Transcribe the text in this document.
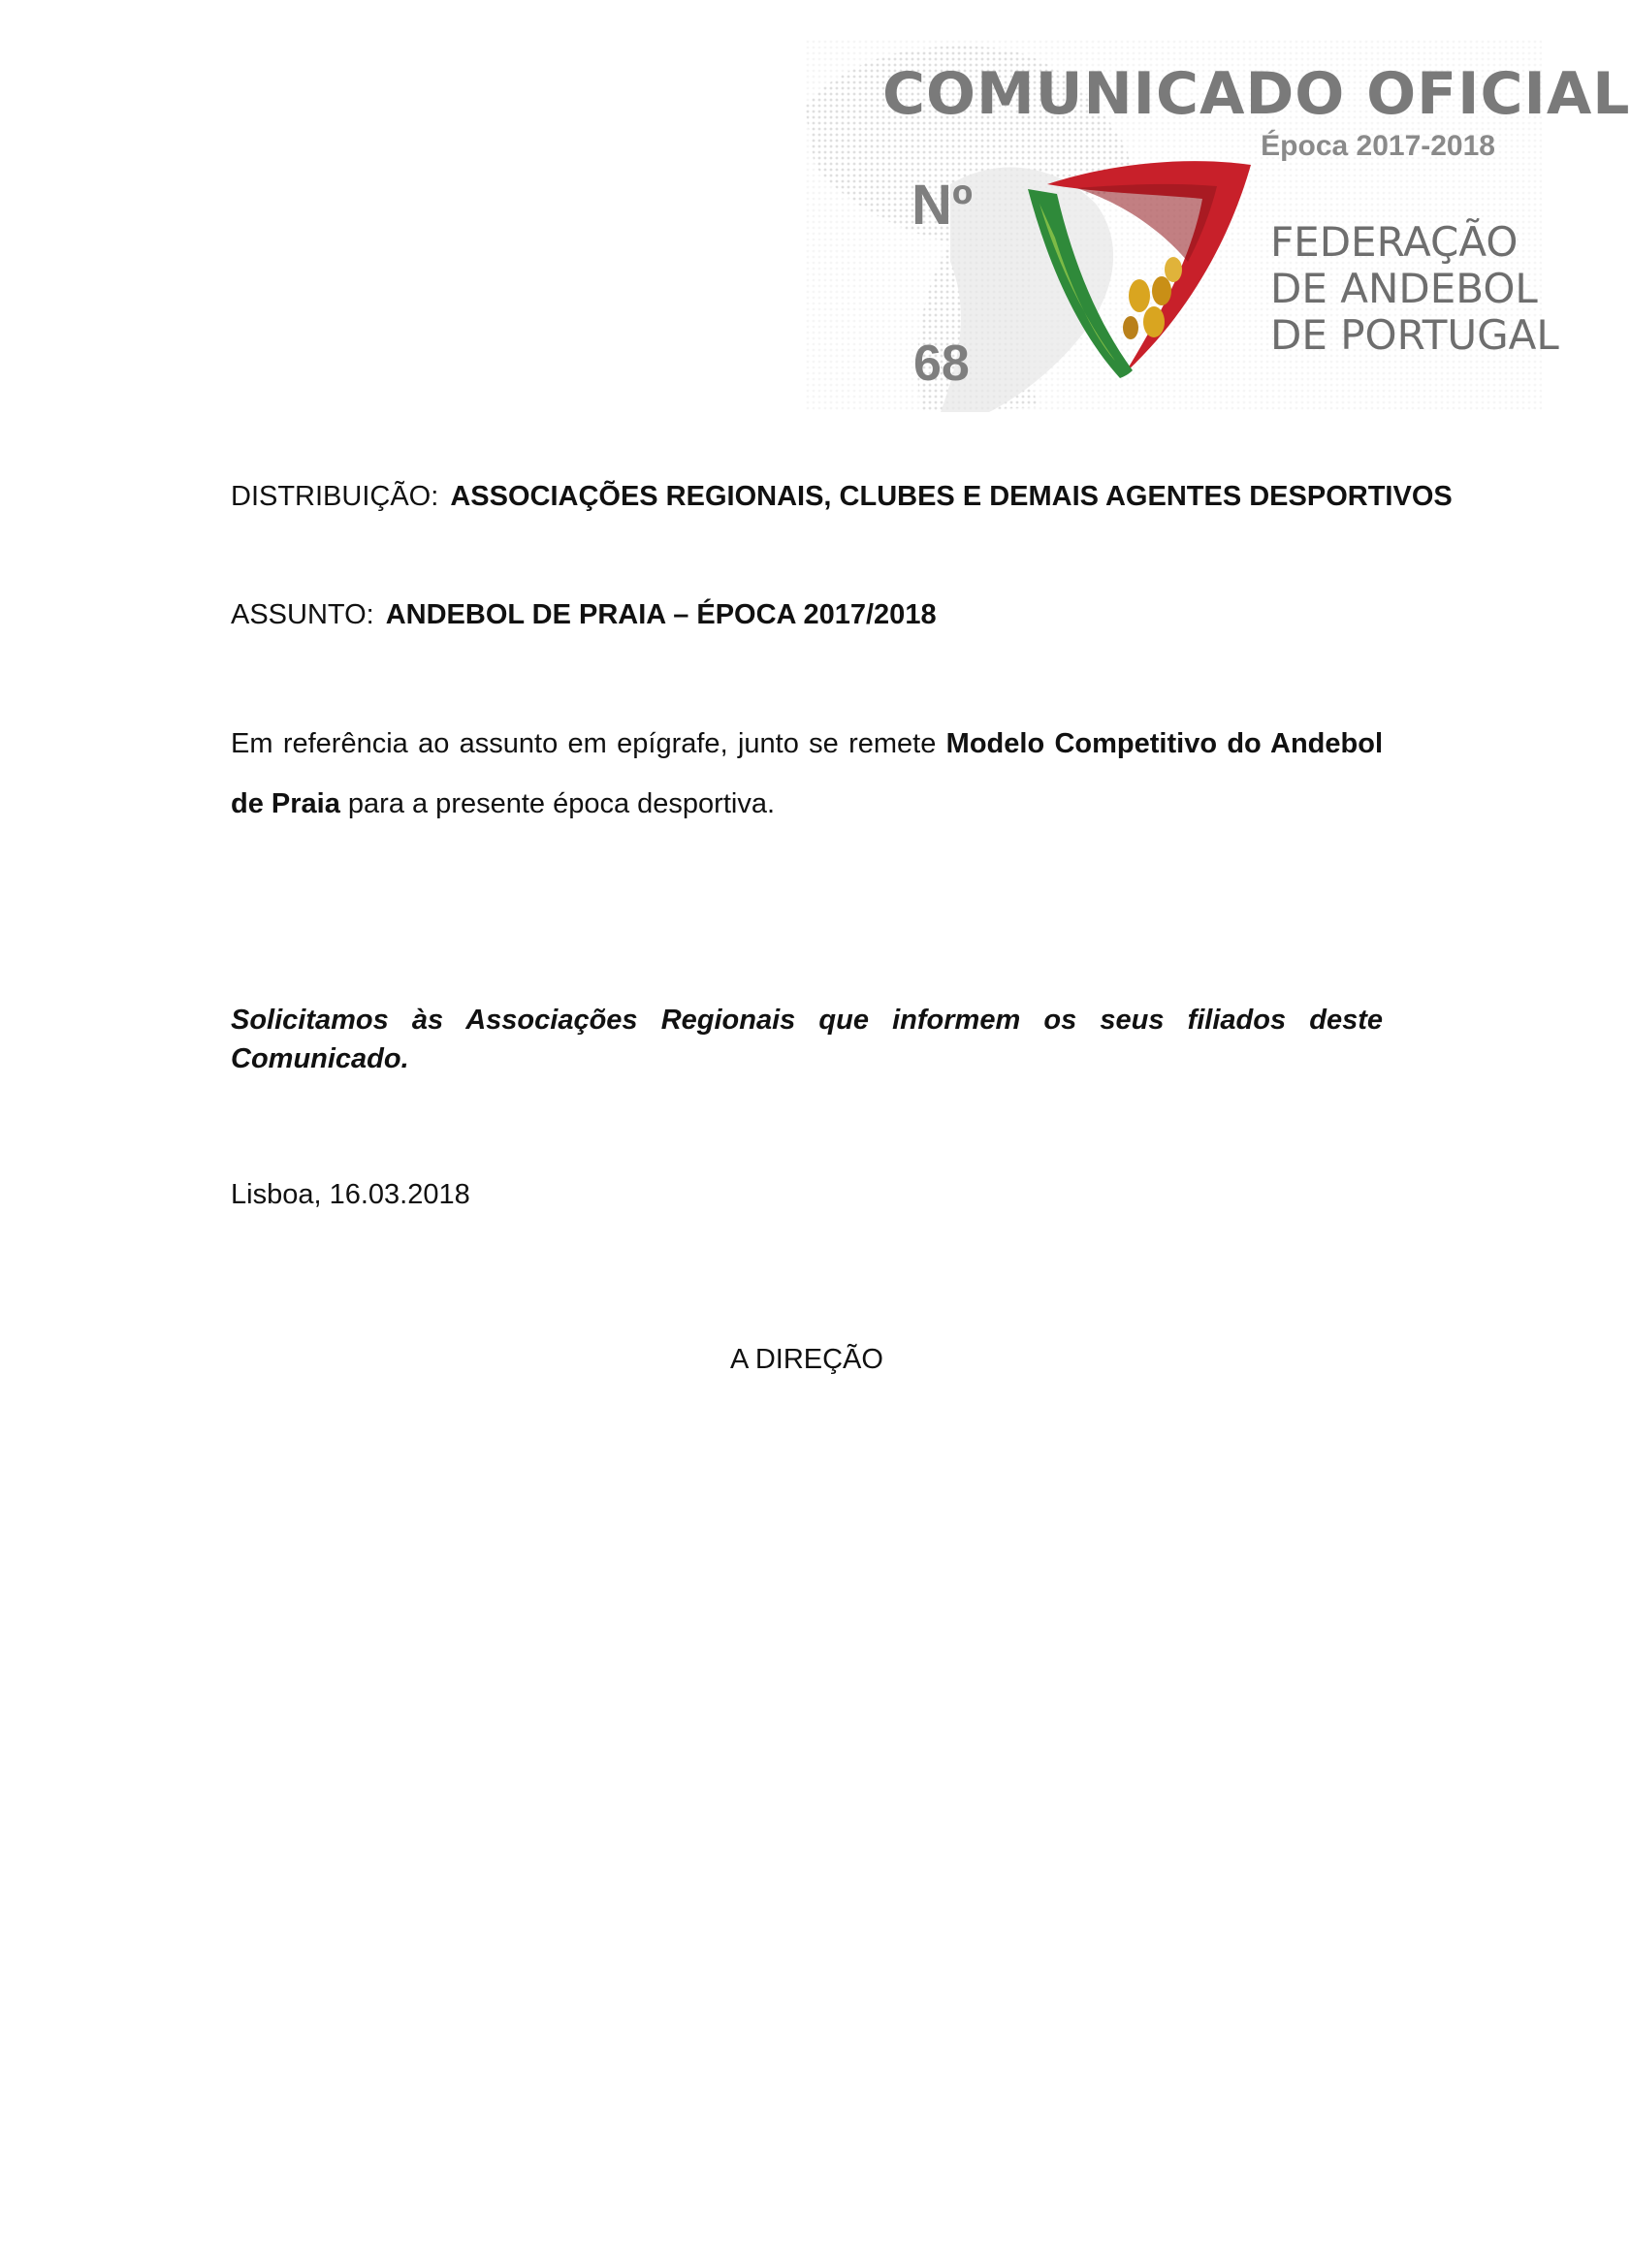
COMUNICADO OFICIAL
Época 2017-2018
Nº
68
FEDERAÇÃO
DE ANDEBOL
DE PORTUGAL
DISTRIBUIÇÃO: ASSOCIAÇÕES REGIONAIS, CLUBES E DEMAIS AGENTES DESPORTIVOS
ASSUNTO: ANDEBOL DE PRAIA – ÉPOCA 2017/2018
Em referência ao assunto em epígrafe, junto se remete Modelo Competitivo do Andebol de Praia para a presente época desportiva.
Solicitamos às Associações Regionais que informem os seus filiados deste Comunicado.
Lisboa, 16.03.2018
A DIREÇÃO
